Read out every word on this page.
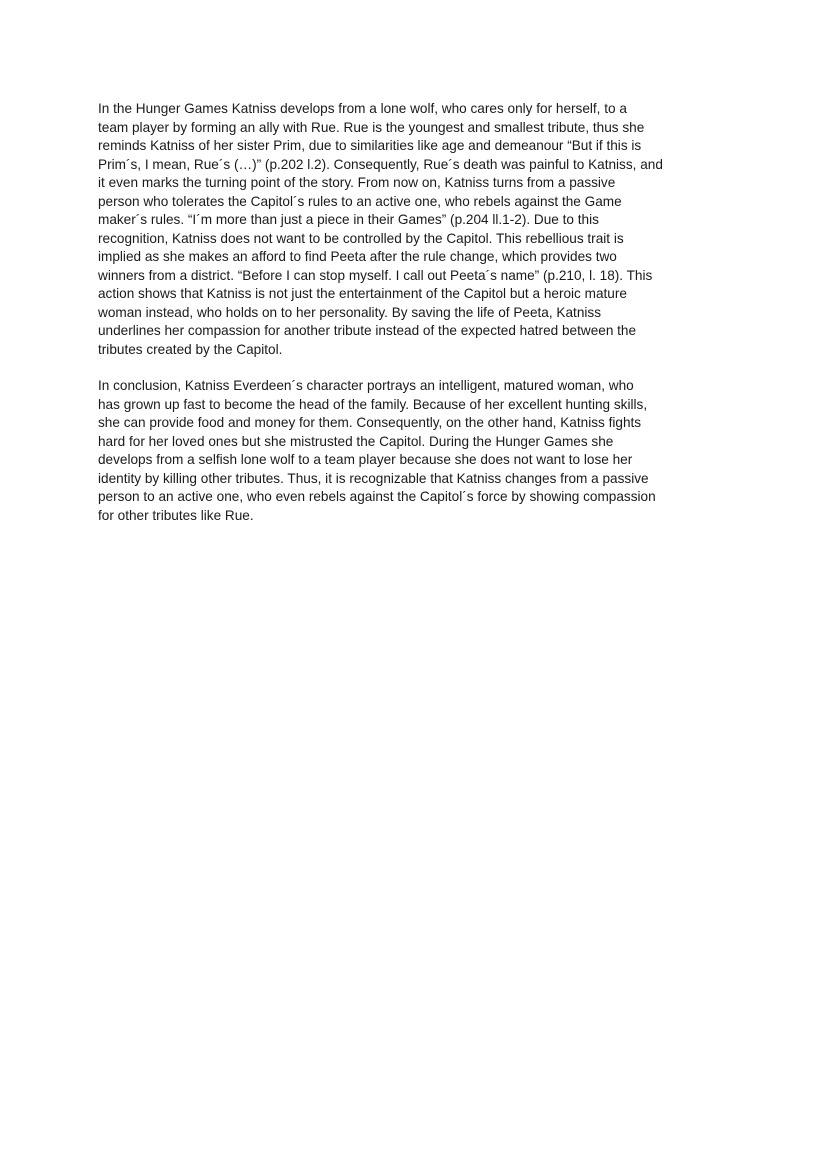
In the Hunger Games Katniss develops from a lone wolf, who cares only for herself, to a
team player by forming an ally with Rue. Rue is the youngest and smallest tribute, thus she
reminds Katniss of her sister Prim, due to similarities like age and demeanour “But if this is
Prim´s, I mean, Rue´s (…)” (p.202 l.2). Consequently, Rue´s death was painful to Katniss, and
it even marks the turning point of the story. From now on, Katniss turns from a passive
person who tolerates the Capitol´s rules to an active one, who rebels against the Game
maker´s rules. “I´m more than just a piece in their Games” (p.204 ll.1-2). Due to this
recognition, Katniss does not want to be controlled by the Capitol. This rebellious trait is
implied as she makes an afford to find Peeta after the rule change, which provides two
winners from a district. “Before I can stop myself. I call out Peeta´s name” (p.210, l. 18). This
action shows that Katniss is not just the entertainment of the Capitol but a heroic mature
woman instead, who holds on to her personality. By saving the life of Peeta, Katniss
underlines her compassion for another tribute instead of the expected hatred between the
tributes created by the Capitol.
In conclusion, Katniss Everdeen´s character portrays an intelligent, matured woman, who
has grown up fast to become the head of the family. Because of her excellent hunting skills,
she can provide food and money for them. Consequently, on the other hand, Katniss fights
hard for her loved ones but she mistrusted the Capitol. During the Hunger Games she
develops from a selfish lone wolf to a team player because she does not want to lose her
identity by killing other tributes. Thus, it is recognizable that Katniss changes from a passive
person to an active one, who even rebels against the Capitol´s force by showing compassion
for other tributes like Rue.
